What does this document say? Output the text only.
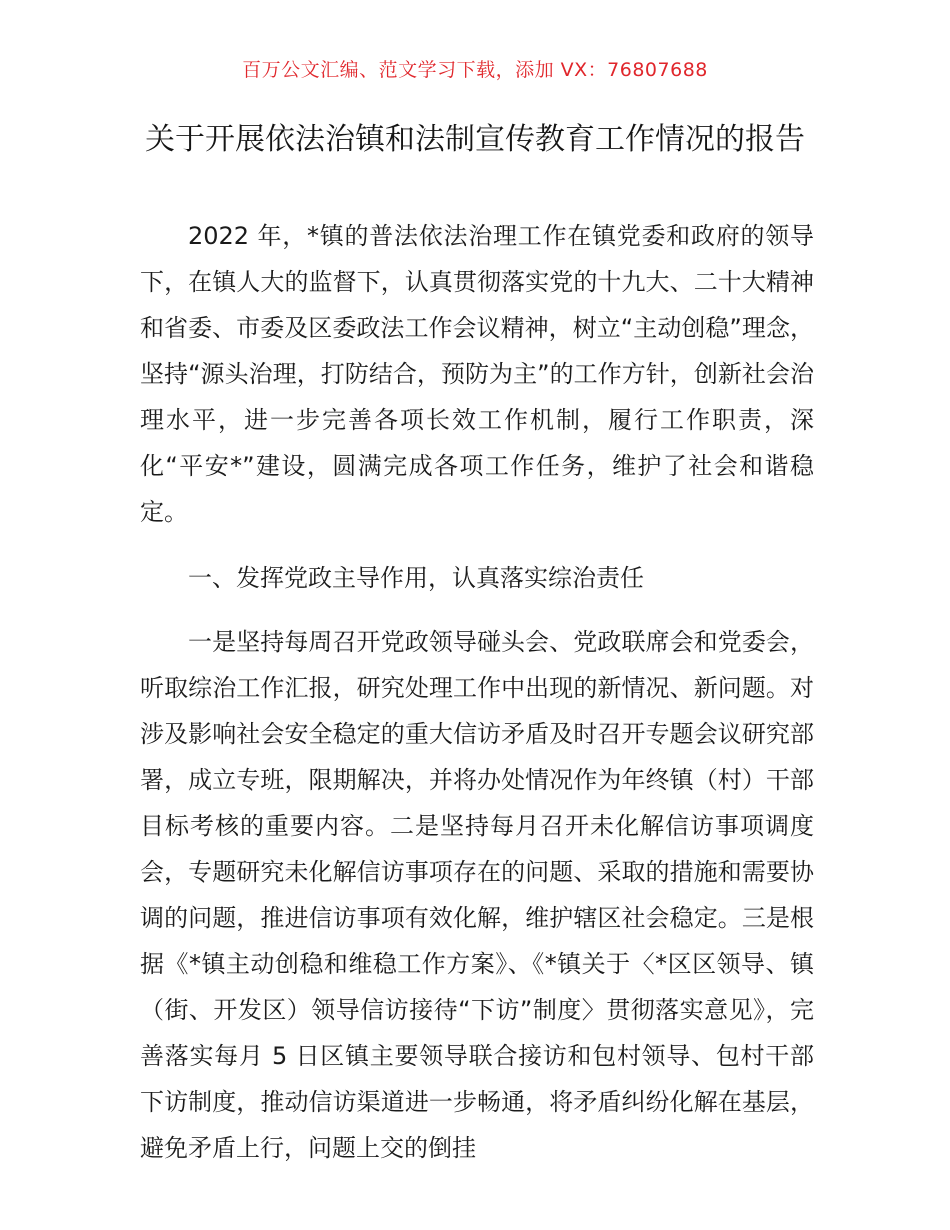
百万公文汇编、范文学习下载，添加 VX：76807688
关于开展依法治镇和法制宣传教育工作情况的报告

2022 年，*镇的普法依法治理工作在镇党委和政府的领导下，在镇人大的监督下，认真贯彻落实党的十九大、二十大精神和省委、市委及区委政法工作会议精神，树立“主动创稳”理念，坚持“源头治理，打防结合，预防为主”的工作方针，创新社会治理水平，进一步完善各项长效工作机制，履行工作职责，深化“平安*”建设，圆满完成各项工作任务，维护了社会和谐稳定。

一、发挥党政主导作用，认真落实综治责任

一是坚持每周召开党政领导碰头会、党政联席会和党委会，听取综治工作汇报，研究处理工作中出现的新情况、新问题。对涉及影响社会安全稳定的重大信访矛盾及时召开专题会议研究部署，成立专班，限期解决，并将办处情况作为年终镇（村）干部目标考核的重要内容。二是坚持每月召开未化解信访事项调度会，专题研究未化解信访事项存在的问题、采取的措施和需要协调的问题，推进信访事项有效化解，维护辖区社会稳定。三是根据《*镇主动创稳和维稳工作方案》、《*镇关于〈*区区领导、镇（街、开发区）领导信访接待“下访”制度〉贯彻落实意见》，完善落实每月 5 日区镇主要领导联合接访和包村领导、包村干部下访制度，推动信访渠道进一步畅通，将矛盾纠纷化解在基层，避免矛盾上行，问题上交的倒挂
